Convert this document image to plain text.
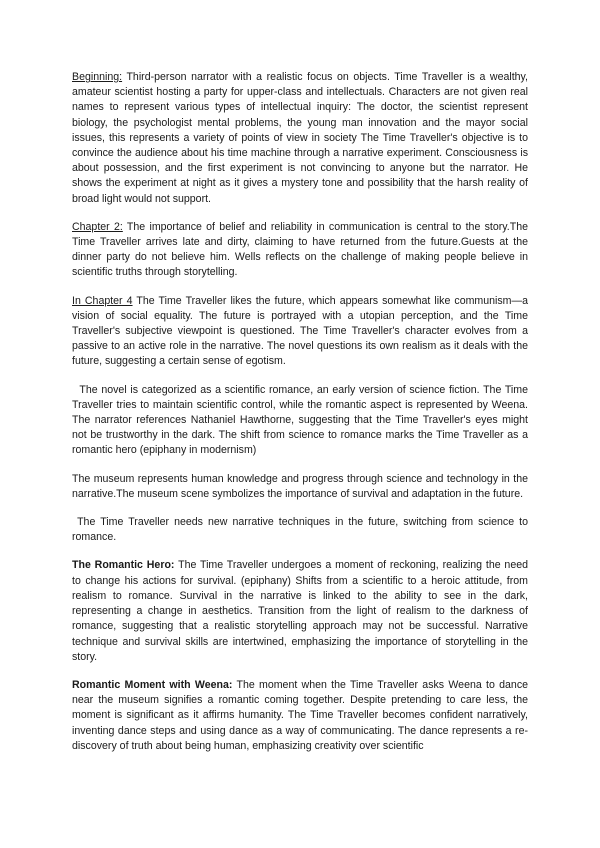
Beginning: Third-person narrator with a realistic focus on objects. Time Traveller is a wealthy, amateur scientist hosting a party for upper-class and intellectuals. Characters are not given real names to represent various types of intellectual inquiry: The doctor, the scientist represent biology, the psychologist mental problems, the young man innovation and the mayor social issues, this represents a variety of points of view in society The Time Traveller's objective is to convince the audience about his time machine through a narrative experiment. Consciousness is about possession, and the first experiment is not convincing to anyone but the narrator. He shows the experiment at night as it gives a mystery tone and possibility that the harsh reality of broad light would not support.

Chapter 2: The importance of belief and reliability in communication is central to the story.The Time Traveller arrives late and dirty, claiming to have returned from the future.Guests at the dinner party do not believe him. Wells reflects on the challenge of making people believe in scientific truths through storytelling.

In Chapter 4 The Time Traveller likes the future, which appears somewhat like communism—a vision of social equality. The future is portrayed with a utopian perception, and the Time Traveller's subjective viewpoint is questioned. The Time Traveller's character evolves from a passive to an active role in the narrative. The novel questions its own realism as it deals with the future, suggesting a certain sense of egotism.

The novel is categorized as a scientific romance, an early version of science fiction. The Time Traveller tries to maintain scientific control, while the romantic aspect is represented by Weena. The narrator references Nathaniel Hawthorne, suggesting that the Time Traveller's eyes might not be trustworthy in the dark. The shift from science to romance marks the Time Traveller as a romantic hero (epiphany in modernism)

The museum represents human knowledge and progress through science and technology in the narrative.The museum scene symbolizes the importance of survival and adaptation in the future.

The Time Traveller needs new narrative techniques in the future, switching from science to romance.

The Romantic Hero: The Time Traveller undergoes a moment of reckoning, realizing the need to change his actions for survival. (epiphany) Shifts from a scientific to a heroic attitude, from realism to romance. Survival in the narrative is linked to the ability to see in the dark, representing a change in aesthetics. Transition from the light of realism to the darkness of romance, suggesting that a realistic storytelling approach may not be successful. Narrative technique and survival skills are intertwined, emphasizing the importance of storytelling in the story.

Romantic Moment with Weena: The moment when the Time Traveller asks Weena to dance near the museum signifies a romantic coming together. Despite pretending to care less, the moment is significant as it affirms humanity. The Time Traveller becomes confident narratively, inventing dance steps and using dance as a way of communicating. The dance represents a re-discovery of truth about being human, emphasizing creativity over scientific
